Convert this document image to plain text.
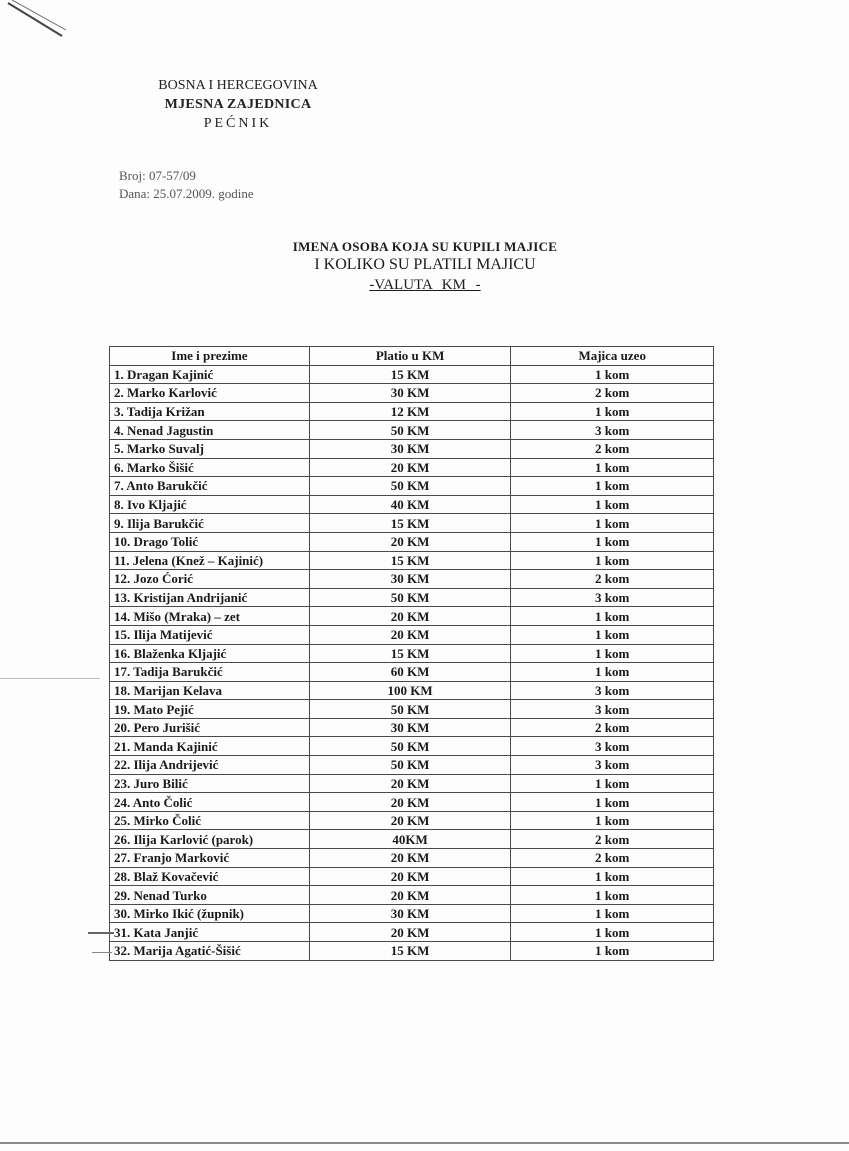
BOSNA I HERCEGOVINA
MJESNA ZAJEDNICA
PEĆNIK
Broj: 07-57/09
Dana: 25.07.2009. godine
IMENA OSOBA KOJA SU KUPILI MAJICE
I KOLIKO SU PLATILI MAJICU
-VALUTA KM -
Ime i prezime	Platio u KM	Majica uzeo
1. Dragan Kajinić	15 KM	1 kom
2. Marko Karlović	30 KM	2 kom
3. Tadija Križan	12 KM	1 kom
4. Nenad Jagustin	50 KM	3 kom
5. Marko Suvalj	30 KM	2 kom
6. Marko Šišić	20 KM	1 kom
7. Anto Barukčić	50 KM	1 kom
8. Ivo Kljajić	40 KM	1 kom
9. Ilija Barukčić	15 KM	1 kom
10. Drago Tolić	20 KM	1 kom
11. Jelena (Knež – Kajinić)	15 KM	1 kom
12. Jozo Ćorić	30 KM	2 kom
13. Kristijan Andrijanić	50 KM	3 kom
14. Mišo (Mraka) – zet	20 KM	1 kom
15. Ilija Matijević	20 KM	1 kom
16. Blaženka Kljajić	15 KM	1 kom
17. Tadija Barukčić	60 KM	1 kom
18. Marijan Kelava	100 KM	3 kom
19. Mato Pejić	50 KM	3 kom
20. Pero Jurišić	30 KM	2 kom
21. Manda Kajinić	50 KM	3 kom
22. Ilija Andrijević	50 KM	3 kom
23. Juro Bilić	20 KM	1 kom
24. Anto Čolić	20 KM	1 kom
25. Mirko Čolić	20 KM	1 kom
26. Ilija Karlović (parok)	40KM	2 kom
27. Franjo Marković	20 KM	2 kom
28. Blaž Kovačević	20 KM	1 kom
29. Nenad Turko	20 KM	1 kom
30. Mirko Ikić (župnik)	30 KM	1 kom
31. Kata Janjić	20 KM	1 kom
32. Marija Agatić-Šišić	15 KM	1 kom
